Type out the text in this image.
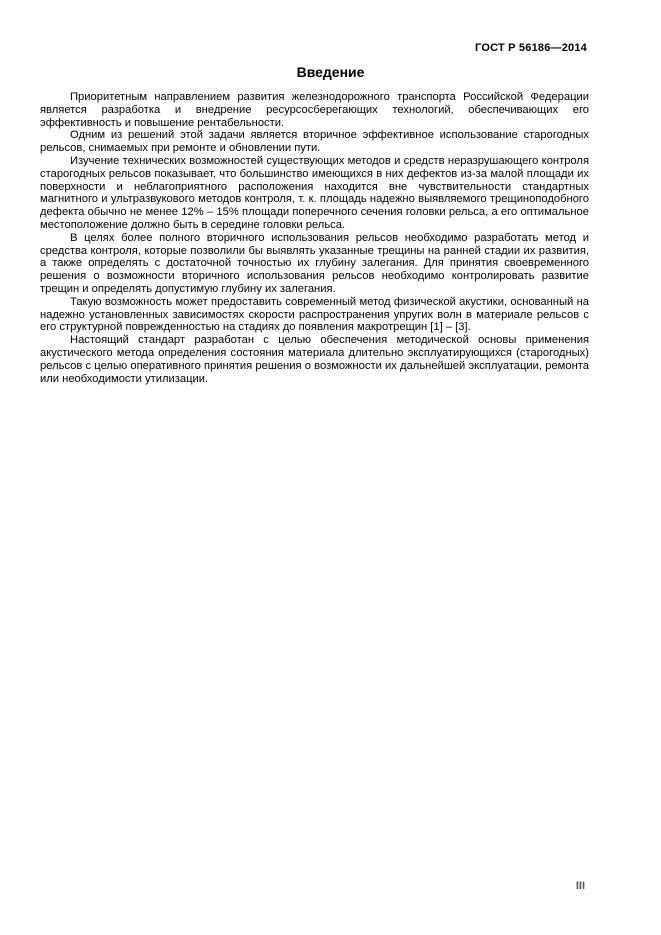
ГОСТ Р 56186—2014
Введение

Приоритетным направлением развития железнодорожного транспорта Российской Федерации является разработка и внедрение ресурсосберегающих технологий, обеспечивающих его эффективность и повышение рентабельности.

Одним из решений этой задачи является вторичное эффективное использование старогодных рельсов, снимаемых при ремонте и обновлении пути.

Изучение технических возможностей существующих методов и средств неразрушающего контроля старогодных рельсов показывает, что большинство имеющихся в них дефектов из-за малой площади их поверхности и неблагоприятного расположения находится вне чувствительности стандартных магнитного и ультразвукового методов контроля, т. к. площадь надежно выявляемого трещиноподобного дефекта обычно не менее 12% – 15% площади поперечного сечения головки рельса, а его оптимальное местоположение должно быть в середине головки рельса.

В целях более полного вторичного использования рельсов необходимо разработать метод и средства контроля, которые позволили бы выявлять указанные трещины на ранней стадии их развития, а также определять с достаточной точностью их глубину залегания. Для принятия своевременного решения о возможности вторичного использования рельсов необходимо контролировать развитие трещин и определять допустимую глубину их залегания.

Такую возможность может предоставить современный метод физической акустики, основанный на надежно установленных зависимостях скорости распространения упругих волн в материале рельсов с его структурной поврежденностью на стадиях до появления макротрещин [1] – [3].

Настоящий стандарт разработан с целью обеспечения методической основы применения акустического метода определения состояния материала длительно эксплуатирующихся (старогодных) рельсов с целью оперативного принятия решения о возможности их дальнейшей эксплуатации, ремонта или необходимости утилизации.

III
